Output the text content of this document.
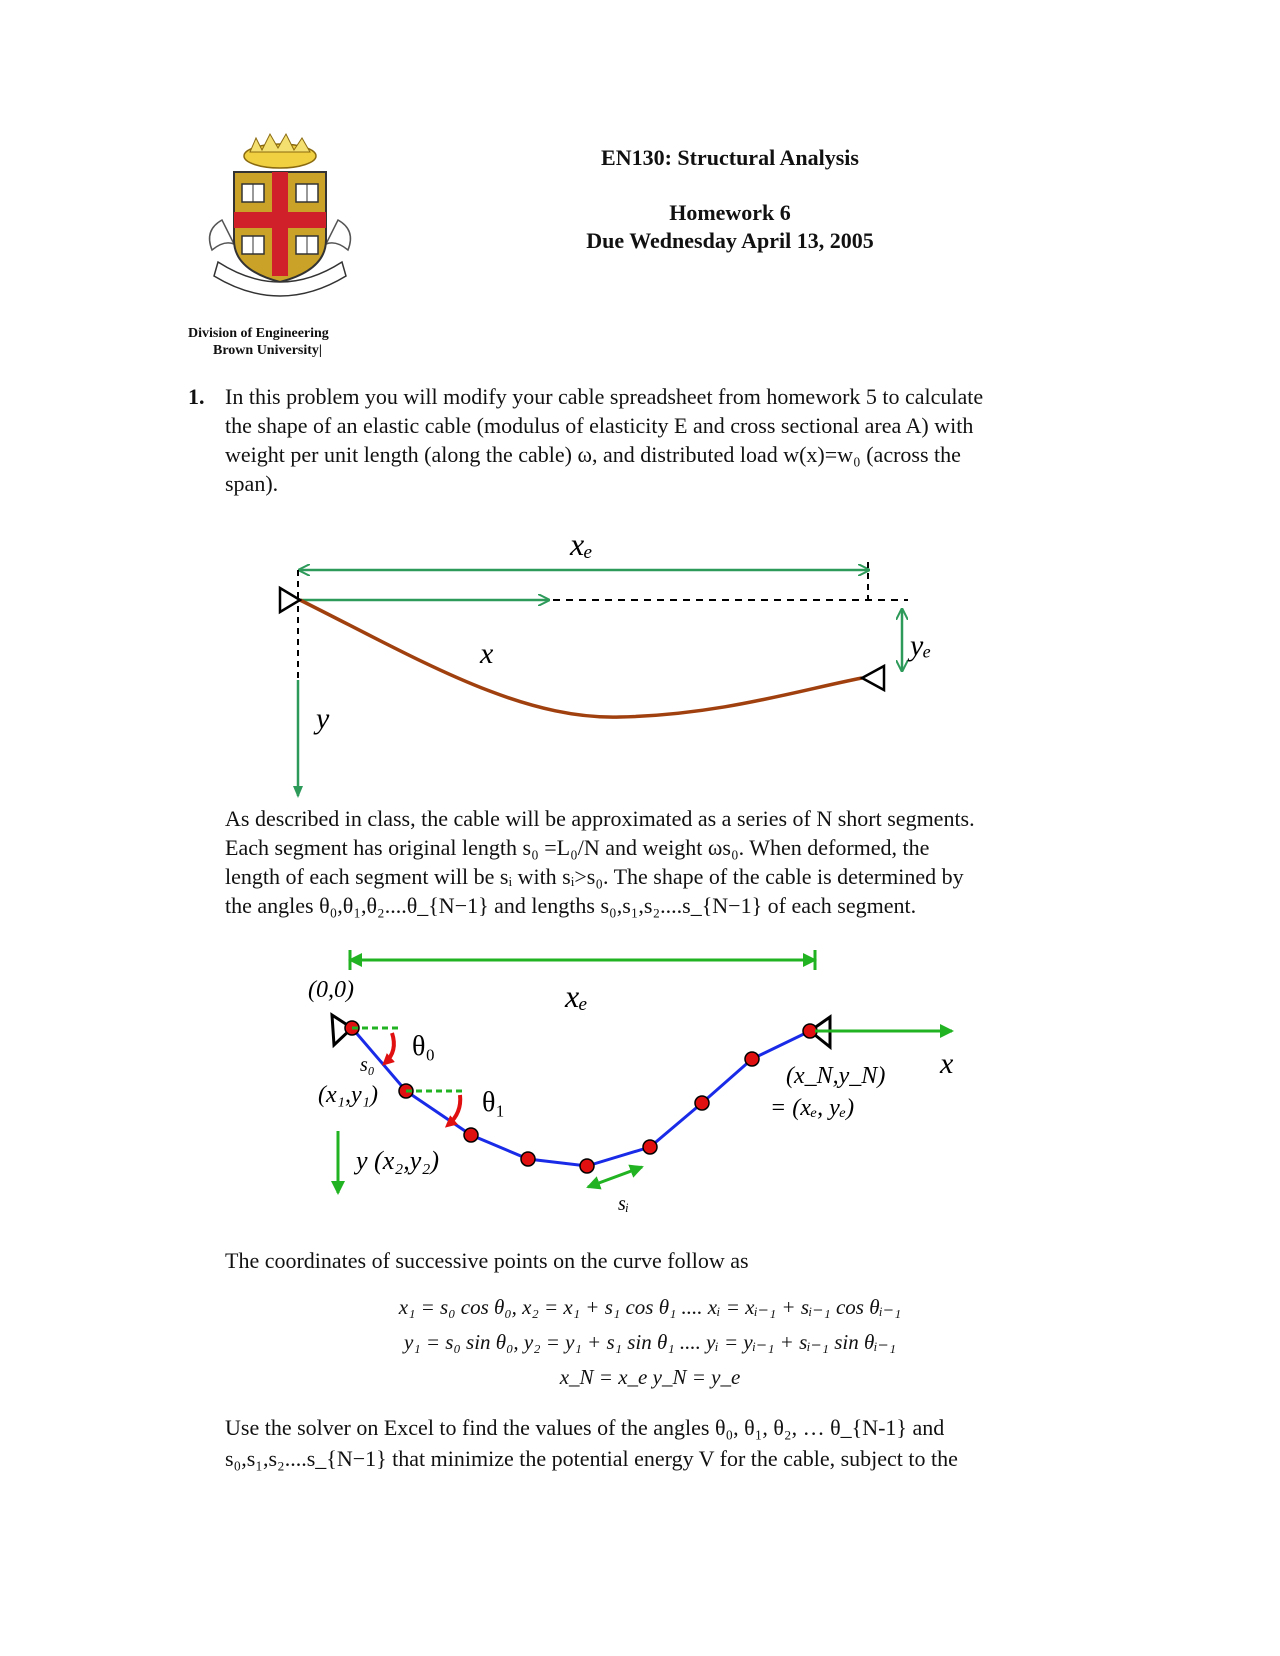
EN130: Structural Analysis
Homework 6
Due Wednesday April 13, 2005
Division of Engineering
Brown University|
1. In this problem you will modify your cable spreadsheet from homework 5 to calculate
the shape of an elastic cable (modulus of elasticity E and cross sectional area A) with
weight per unit length (along the cable) ω, and distributed load w(x)=w₀ (across the
span).
xₑ
x
y
yₑ
As described in class, the cable will be approximated as a series of N short segments.
Each segment has original length s₀ =L₀/N and weight ωs₀. When deformed, the
length of each segment will be sᵢ with sᵢ>s₀. The shape of the cable is determined by
the angles θ₀,θ₁,θ₂....θ_{N−1} and lengths s₀,s₁,s₂....s_{N−1} of each segment.
xₑ
(0,0)
θ₀
θ₁
s₀
(x₁,y₁)
y (x₂,y₂)
sᵢ
x
(x_N,y_N)
= (xₑ, yₑ)
The coordinates of successive points on the curve follow as
x₁ = s₀ cos θ₀, x₂ = x₁ + s₁ cos θ₁ .... xᵢ = xᵢ₋₁ + sᵢ₋₁ cos θᵢ₋₁
y₁ = s₀ sin θ₀, y₂ = y₁ + s₁ sin θ₁ .... yᵢ = yᵢ₋₁ + sᵢ₋₁ sin θᵢ₋₁
x_N = x_e y_N = y_e
Use the solver on Excel to find the values of the angles θ₀, θ₁, θ₂, … θ_{N-1} and
s₀,s₁,s₂....s_{N−1} that minimize the potential energy V for the cable, subject to the
